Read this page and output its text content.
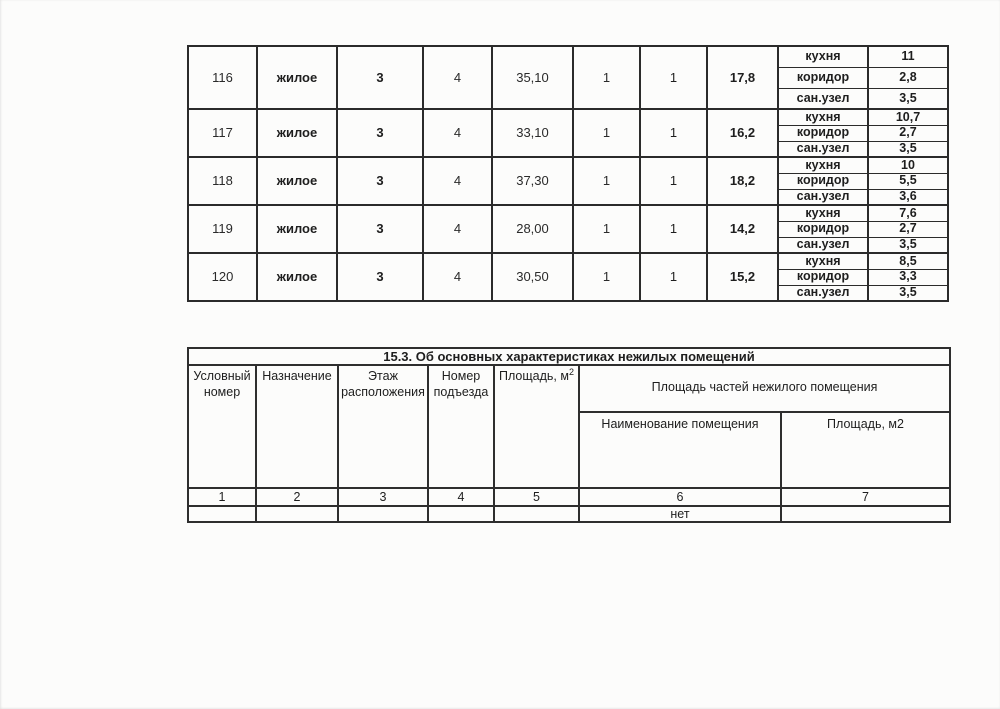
116	жилое	3	4	35,10	1	1	17,8	кухня	11
								коридор	2,8
								сан.узел	3,5
117	жилое	3	4	33,10	1	1	16,2	кухня	10,7
								коридор	2,7
								сан.узел	3,5
118	жилое	3	4	37,30	1	1	18,2	кухня	10
								коридор	5,5
								сан.узел	3,6
119	жилое	3	4	28,00	1	1	14,2	кухня	7,6
								коридор	2,7
								сан.узел	3,5
120	жилое	3	4	30,50	1	1	15,2	кухня	8,5
								коридор	3,3
								сан.узел	3,5
15.3. Об основных характеристиках нежилых помещений						
Условный номер	Назначение	Этаж расположения	Номер подъезда	Площадь, $м^2$	Площадь частей нежилого помещения	
					Наименование помещения	Площадь, м2
1	2	3	4	5	6	7
					нет	
